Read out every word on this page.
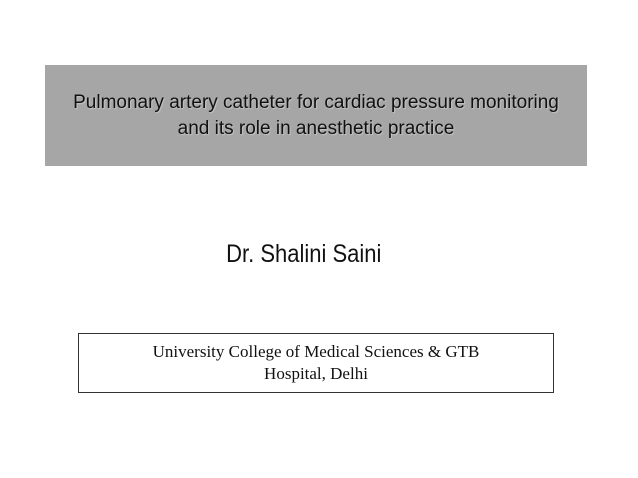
Pulmonary artery catheter for cardiac pressure monitoring
and its role in anesthetic practice
Dr. Shalini Saini
University College of Medical Sciences & GTB
Hospital, Delhi
